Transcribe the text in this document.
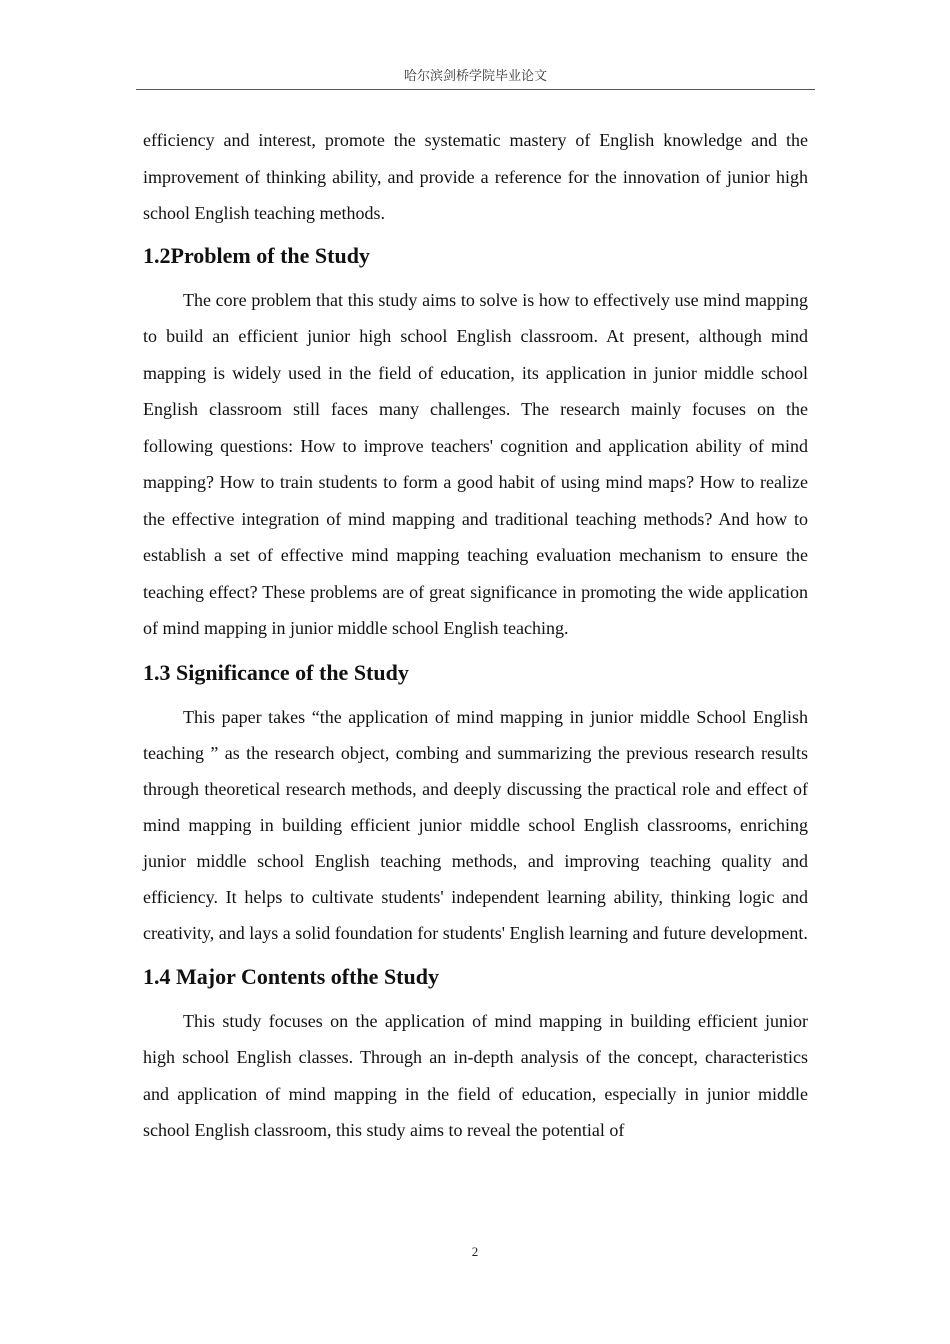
哈尔滨剑桥学院毕业论文

efficiency and interest, promote the systematic mastery of English knowledge and the improvement of thinking ability, and provide a reference for the innovation of junior high school English teaching methods.

1.2Problem of the Study

The core problem that this study aims to solve is how to effectively use mind mapping to build an efficient junior high school English classroom. At present, although mind mapping is widely used in the field of education, its application in junior middle school English classroom still faces many challenges. The research mainly focuses on the following questions: How to improve teachers' cognition and application ability of mind mapping? How to train students to form a good habit of using mind maps? How to realize the effective integration of mind mapping and traditional teaching methods? And how to establish a set of effective mind mapping teaching evaluation mechanism to ensure the teaching effect? These problems are of great significance in promoting the wide application of mind mapping in junior middle school English teaching.

1.3 Significance of the Study

This paper takes “the application of mind mapping in junior middle School English teaching ” as the research object, combing and summarizing the previous research results through theoretical research methods, and deeply discussing the practical role and effect of mind mapping in building efficient junior middle school English classrooms, enriching junior middle school English teaching methods, and improving teaching quality and efficiency. It helps to cultivate students' independent learning ability, thinking logic and creativity, and lays a solid foundation for students' English learning and future development.

1.4 Major Contents ofthe Study

This study focuses on the application of mind mapping in building efficient junior high school English classes. Through an in-depth analysis of the concept, characteristics and application of mind mapping in the field of education, especially in junior middle school English classroom, this study aims to reveal the potential of

2
